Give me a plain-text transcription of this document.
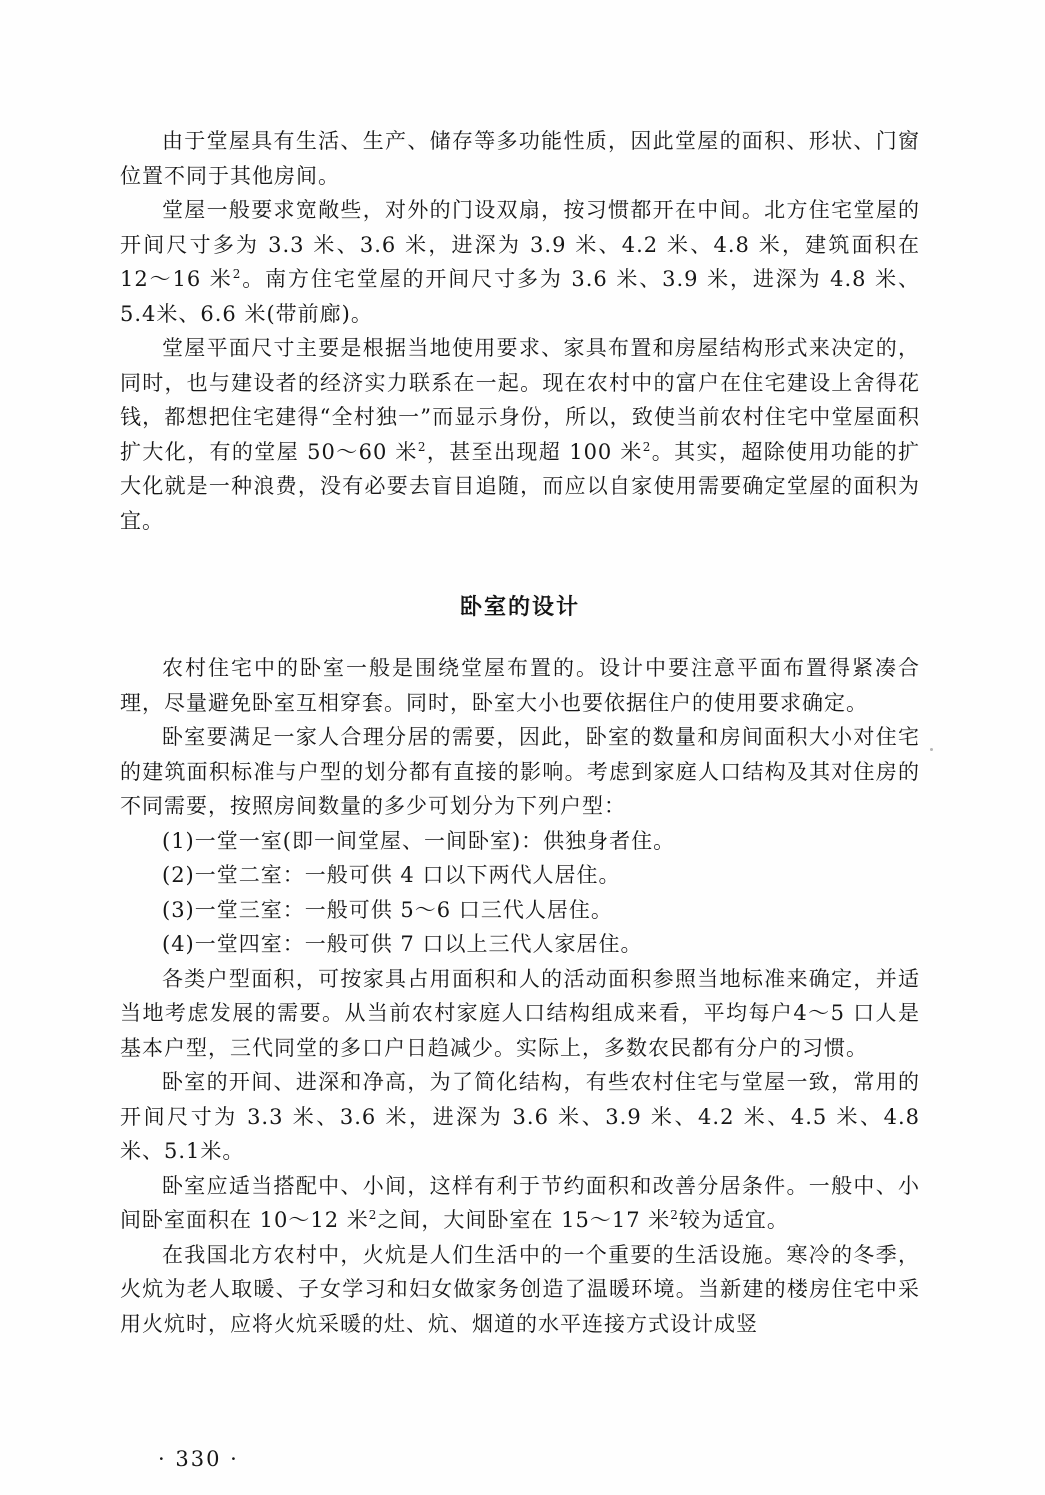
由于堂屋具有生活、生产、储存等多功能性质，因此堂屋的面积、形状、门窗位置不同于其他房间。

堂屋一般要求宽敞些，对外的门设双扇，按习惯都开在中间。北方住宅堂屋的开间尺寸多为 3.3 米、3.6 米，进深为 3.9 米、4.2 米、4.8 米，建筑面积在 12～16 米$^2$。南方住宅堂屋的开间尺寸多为 3.6 米、3.9 米，进深为 4.8 米、5.4米、6.6 米(带前廊)。

堂屋平面尺寸主要是根据当地使用要求、家具布置和房屋结构形式来决定的，同时，也与建设者的经济实力联系在一起。现在农村中的富户在住宅建设上舍得花钱，都想把住宅建得“全村独一”而显示身份，所以，致使当前农村住宅中堂屋面积扩大化，有的堂屋 50～60 米$^2$，甚至出现超 100 米$^2$。其实，超除使用功能的扩大化就是一种浪费，没有必要去盲目追随，而应以自家使用需要确定堂屋的面积为宜。

卧室的设计

农村住宅中的卧室一般是围绕堂屋布置的。设计中要注意平面布置得紧凑合理，尽量避免卧室互相穿套。同时，卧室大小也要依据住户的使用要求确定。

卧室要满足一家人合理分居的需要，因此，卧室的数量和房间面积大小对住宅的建筑面积标准与户型的划分都有直接的影响。考虑到家庭人口结构及其对住房的不同需要，按照房间数量的多少可划分为下列户型：

(1)一堂一室(即一间堂屋、一间卧室)：供独身者住。

(2)一堂二室：一般可供 4 口以下两代人居住。

(3)一堂三室：一般可供 5～6 口三代人居住。

(4)一堂四室：一般可供 7 口以上三代人家居住。

各类户型面积，可按家具占用面积和人的活动面积参照当地标准来确定，并适当地考虑发展的需要。从当前农村家庭人口结构组成来看，平均每户4～5 口人是基本户型，三代同堂的多口户日趋减少。实际上，多数农民都有分户的习惯。

卧室的开间、进深和净高，为了简化结构，有些农村住宅与堂屋一致，常用的开间尺寸为 3.3 米、3.6 米，进深为 3.6 米、3.9 米、4.2 米、4.5 米、4.8 米、5.1米。

卧室应适当搭配中、小间，这样有利于节约面积和改善分居条件。一般中、小间卧室面积在 10～12 米$^2$之间，大间卧室在 15～17 米$^2$较为适宜。

在我国北方农村中，火炕是人们生活中的一个重要的生活设施。寒冷的冬季，火炕为老人取暖、子女学习和妇女做家务创造了温暖环境。当新建的楼房住宅中采用火炕时，应将火炕采暖的灶、炕、烟道的水平连接方式设计成竖

· 330 ·
